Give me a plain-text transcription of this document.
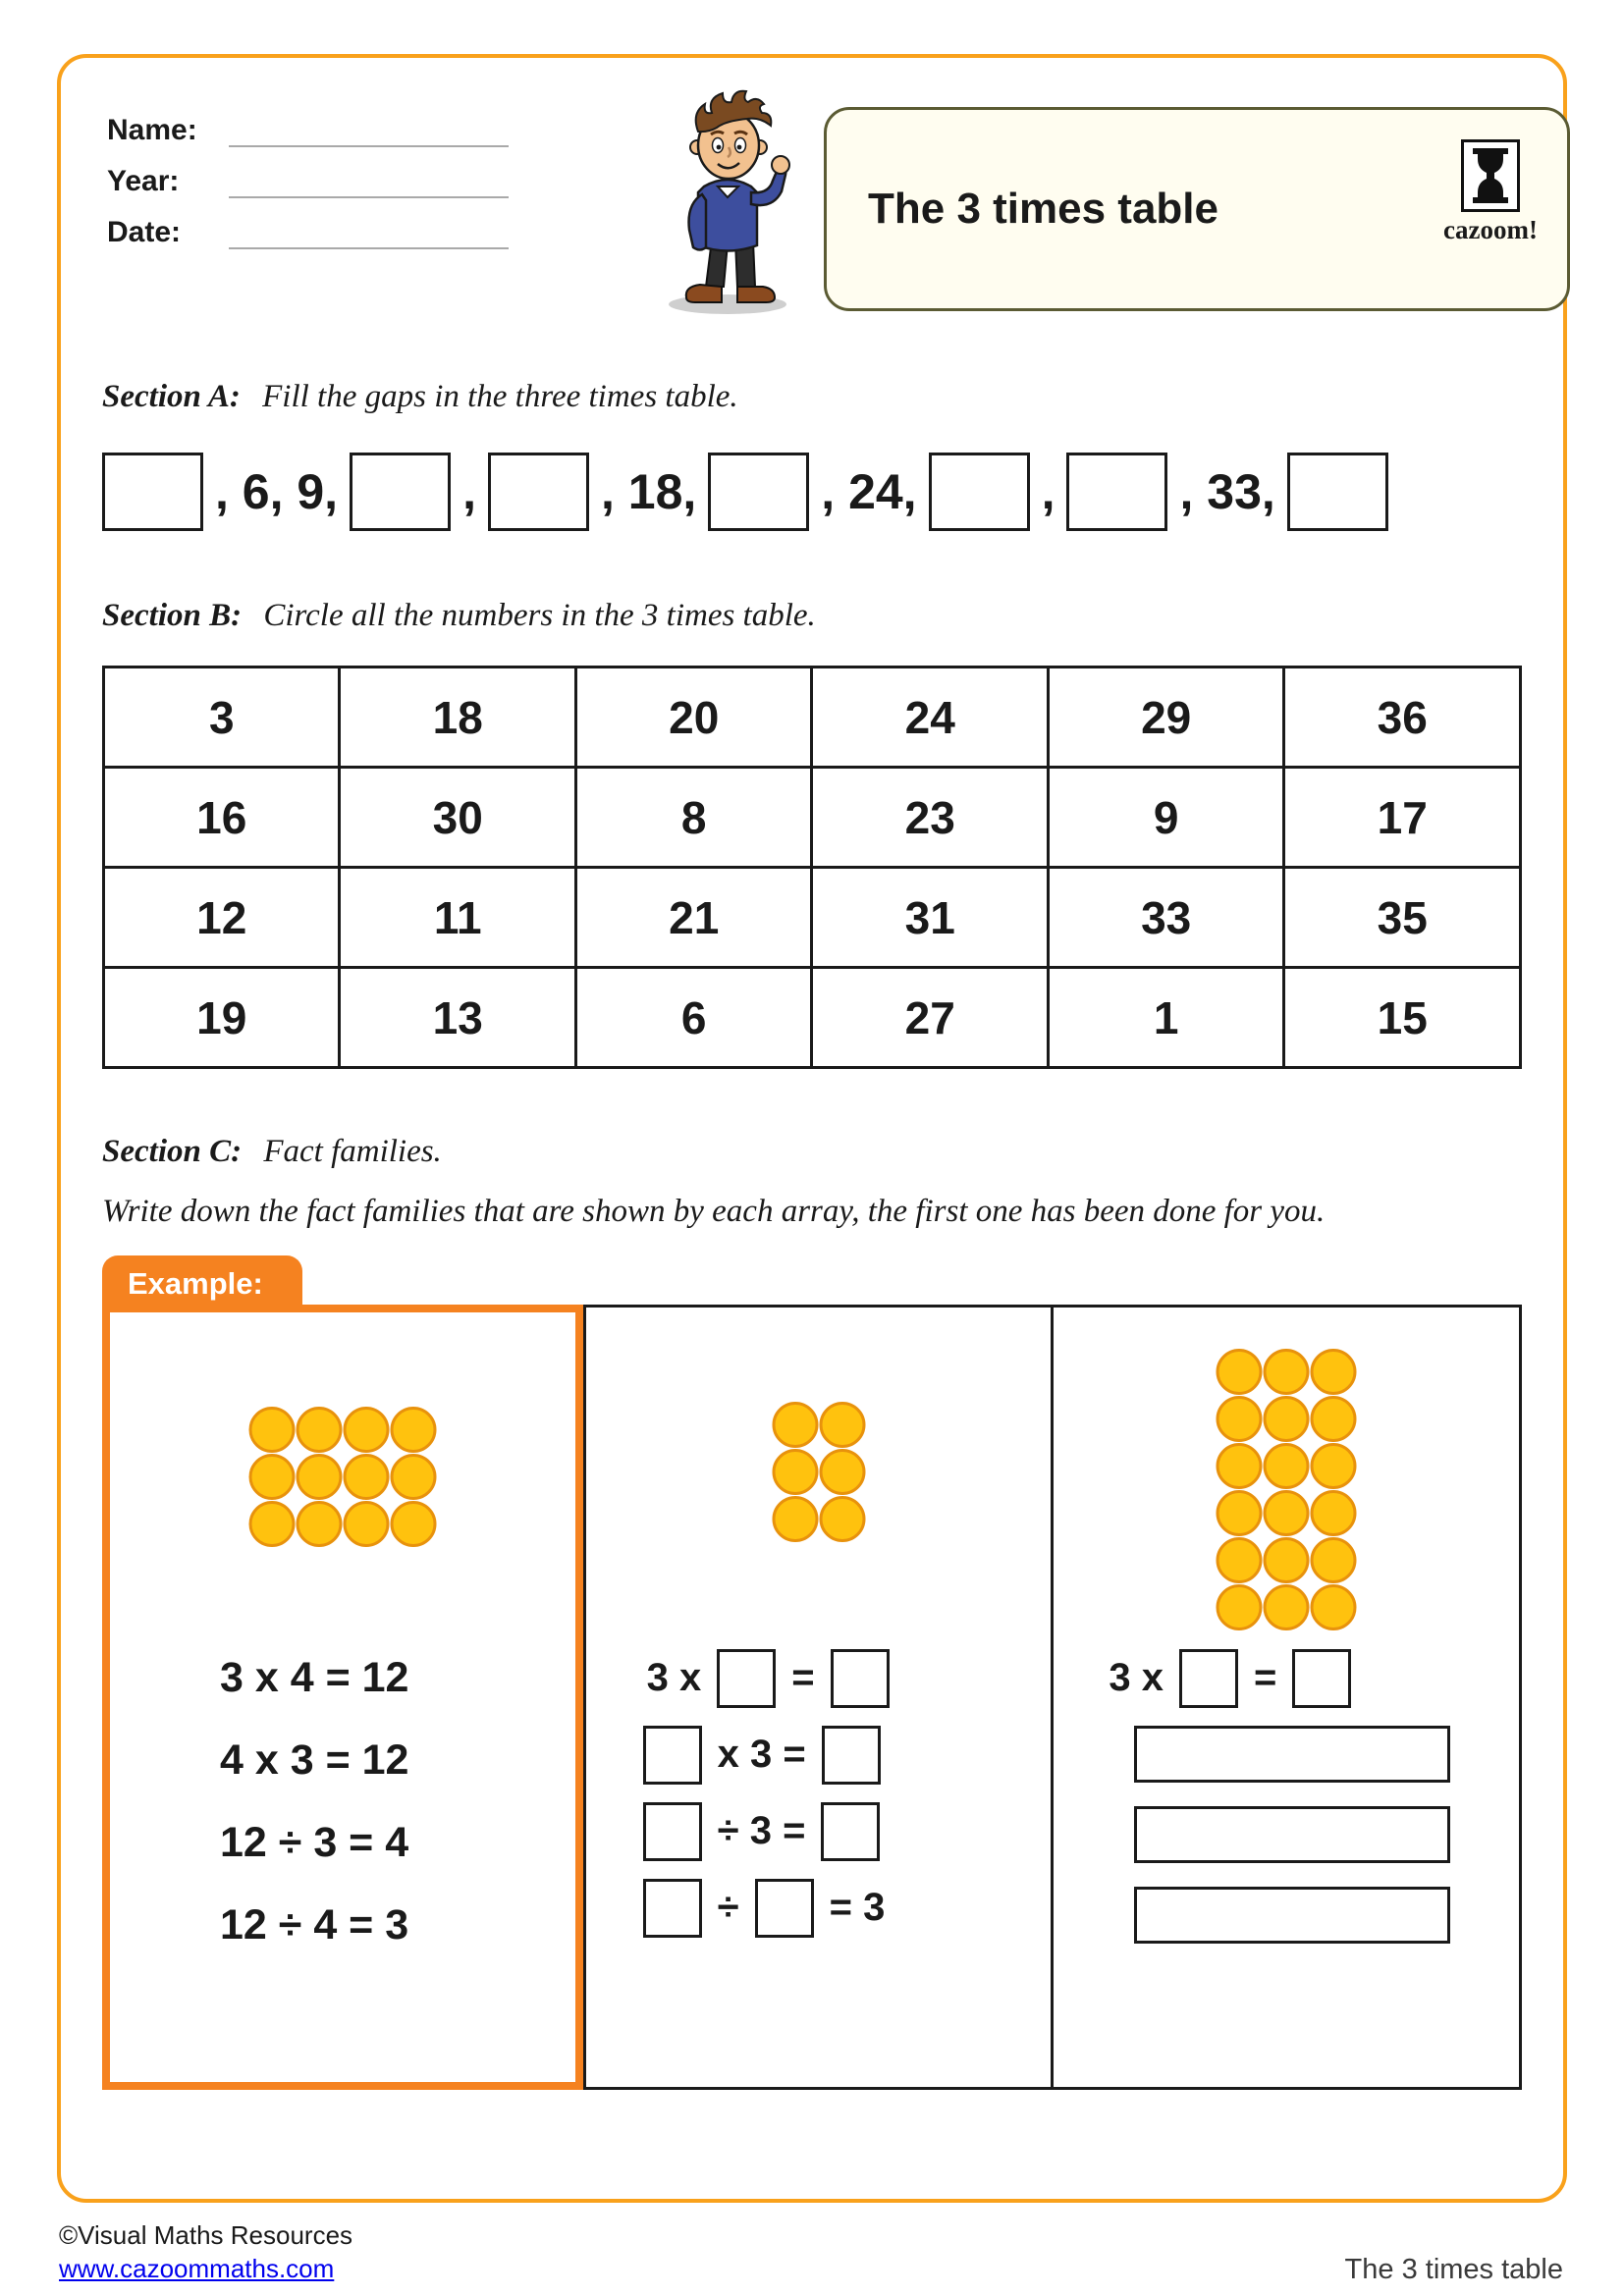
Name:
Year:
Date:	The 3 times table	cazoom!

Section A: Fill the gaps in the three times table.

, 6, 9,	,	, 18,	, 24,	,	, 33,

Section B: Circle all the numbers in the 3 times table.

3	18	20	24	29	36
16	30	8	23	9	17
12	11	21	31	33	35
19	13	6	27	1	15

Section C: Fact families.

Write down the fact families that are shown by each array, the first one has been done for you.

Example:
3 x 4 = 12
4 x 3 = 12
12 ÷ 3 = 4
12 ÷ 4 = 3
3 x =
x 3 =
÷ 3 =
÷ = 3
3 x =
©Visual Maths Resources
www.cazoommaths.com	The 3 times table
